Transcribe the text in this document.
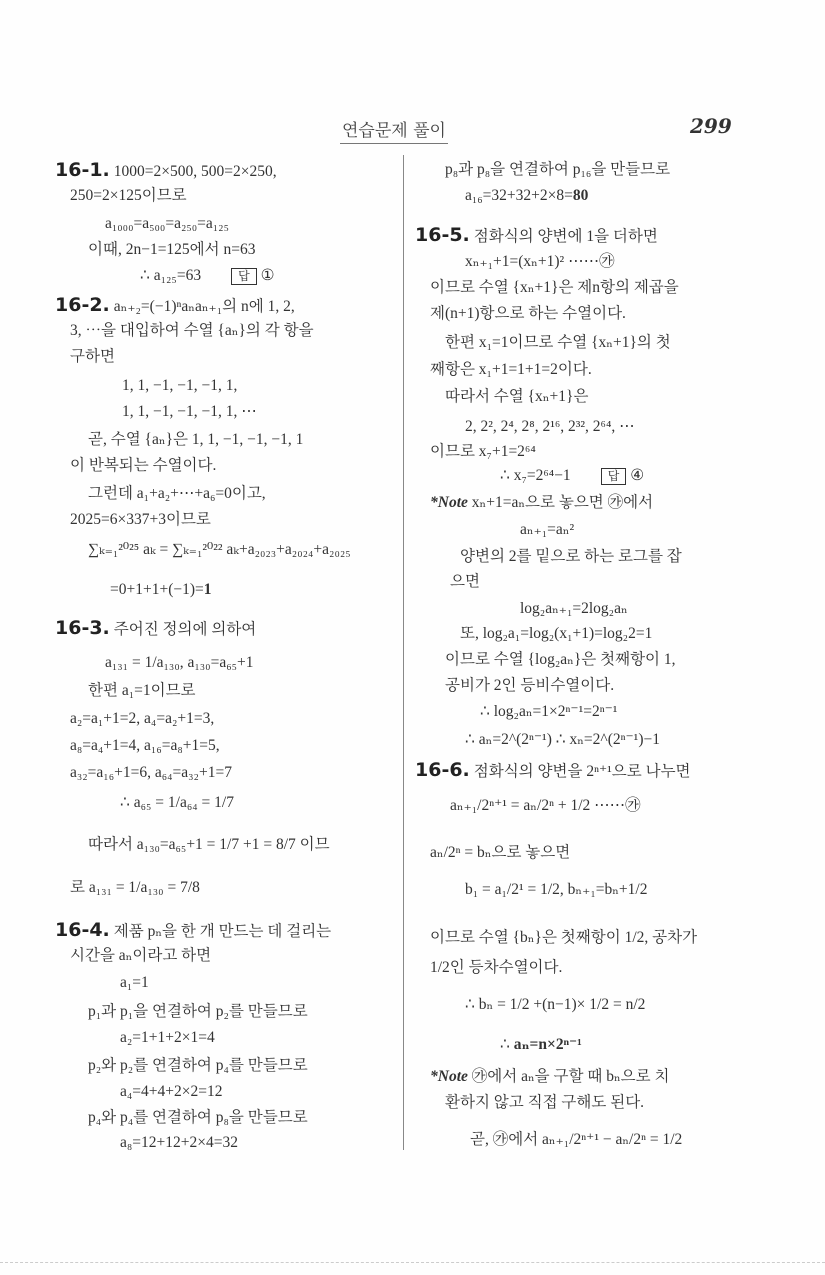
연습문제 풀이	299
16-1. 1000=2×500, 500=2×250,
250=2×125이므로
a₁₀₀₀=a₅₀₀=a₂₅₀=a₁₂₅
이때, 2n−1=125에서 n=63
∴ a₁₂₅=63	답 ①
16-2. aₙ₊₂=(−1)ⁿaₙaₙ₊₁의 n에 1, 2,
3, ⋯을 대입하여 수열 {aₙ}의 각 항을
구하면
1, 1, −1, −1, −1, 1,
1, 1, −1, −1, −1, 1, ⋯
곧, 수열 {aₙ}은 1, 1, −1, −1, −1, 1
이 반복되는 수열이다.
그런데 a₁+a₂+⋯+a₆=0이고,
2025=6×337+3이므로
∑ₖ₌₁²⁰²⁵ aₖ = ∑ₖ₌₁²⁰²² aₖ+a₂₀₂₃+a₂₀₂₄+a₂₀₂₅
=0+1+1+(−1)=1
16-3. 주어진 정의에 의하여
a₁₃₁ = 1/a₁₃₀, a₁₃₀=a₆₅+1
한편 a₁=1이므로
a₂=a₁+1=2, a₄=a₂+1=3,
a₈=a₄+1=4, a₁₆=a₈+1=5,
a₃₂=a₁₆+1=6, a₆₄=a₃₂+1=7
∴ a₆₅ = 1/a₆₄ = 1/7
따라서 a₁₃₀=a₆₅+1 = 1/7 +1 = 8/7 이므
로 a₁₃₁ = 1/a₁₃₀ = 7/8
16-4. 제품 pₙ을 한 개 만드는 데 걸리는
시간을 aₙ이라고 하면
a₁=1
p₁과 p₁을 연결하여 p₂를 만들므로
a₂=1+1+2×1=4
p₂와 p₂를 연결하여 p₄를 만들므로
a₄=4+4+2×2=12
p₄와 p₄를 연결하여 p₈을 만들므로
a₈=12+12+2×4=32
p₈과 p₈을 연결하여 p₁₆을 만들므로
a₁₆=32+32+2×8=80
16-5. 점화식의 양변에 1을 더하면
xₙ₊₁+1=(xₙ+1)² ⋯⋯㉮
이므로 수열 {xₙ+1}은 제n항의 제곱을
제(n+1)항으로 하는 수열이다.
한편 x₁=1이므로 수열 {xₙ+1}의 첫
째항은 x₁+1=1+1=2이다.
따라서 수열 {xₙ+1}은
2, 2², 2⁴, 2⁸, 2¹⁶, 2³², 2⁶⁴, ⋯
이므로 x₇+1=2⁶⁴
∴ x₇=2⁶⁴−1	답 ④
*Note xₙ+1=aₙ으로 놓으면 ㉮에서
aₙ₊₁=aₙ²
양변의 2를 밑으로 하는 로그를 잡
으면
log₂aₙ₊₁=2log₂aₙ
또, log₂a₁=log₂(x₁+1)=log₂2=1
이므로 수열 {log₂aₙ}은 첫째항이 1,
공비가 2인 등비수열이다.
∴ log₂aₙ=1×2ⁿ⁻¹=2ⁿ⁻¹
∴ aₙ=2^(2ⁿ⁻¹) ∴ xₙ=2^(2ⁿ⁻¹)−1
16-6. 점화식의 양변을 2ⁿ⁺¹으로 나누면
aₙ₊₁/2ⁿ⁺¹ = aₙ/2ⁿ + 1/2 ⋯⋯㉮
aₙ/2ⁿ = bₙ으로 놓으면
b₁ = a₁/2¹ = 1/2, bₙ₊₁=bₙ+1/2
이므로 수열 {bₙ}은 첫째항이 1/2, 공차가
1/2인 등차수열이다.
∴ bₙ = 1/2 +(n−1)× 1/2 = n/2
∴ aₙ=n×2ⁿ⁻¹
*Note ㉮에서 aₙ을 구할 때 bₙ으로 치
환하지 않고 직접 구해도 된다.
곧, ㉮에서 aₙ₊₁/2ⁿ⁺¹ − aₙ/2ⁿ = 1/2
